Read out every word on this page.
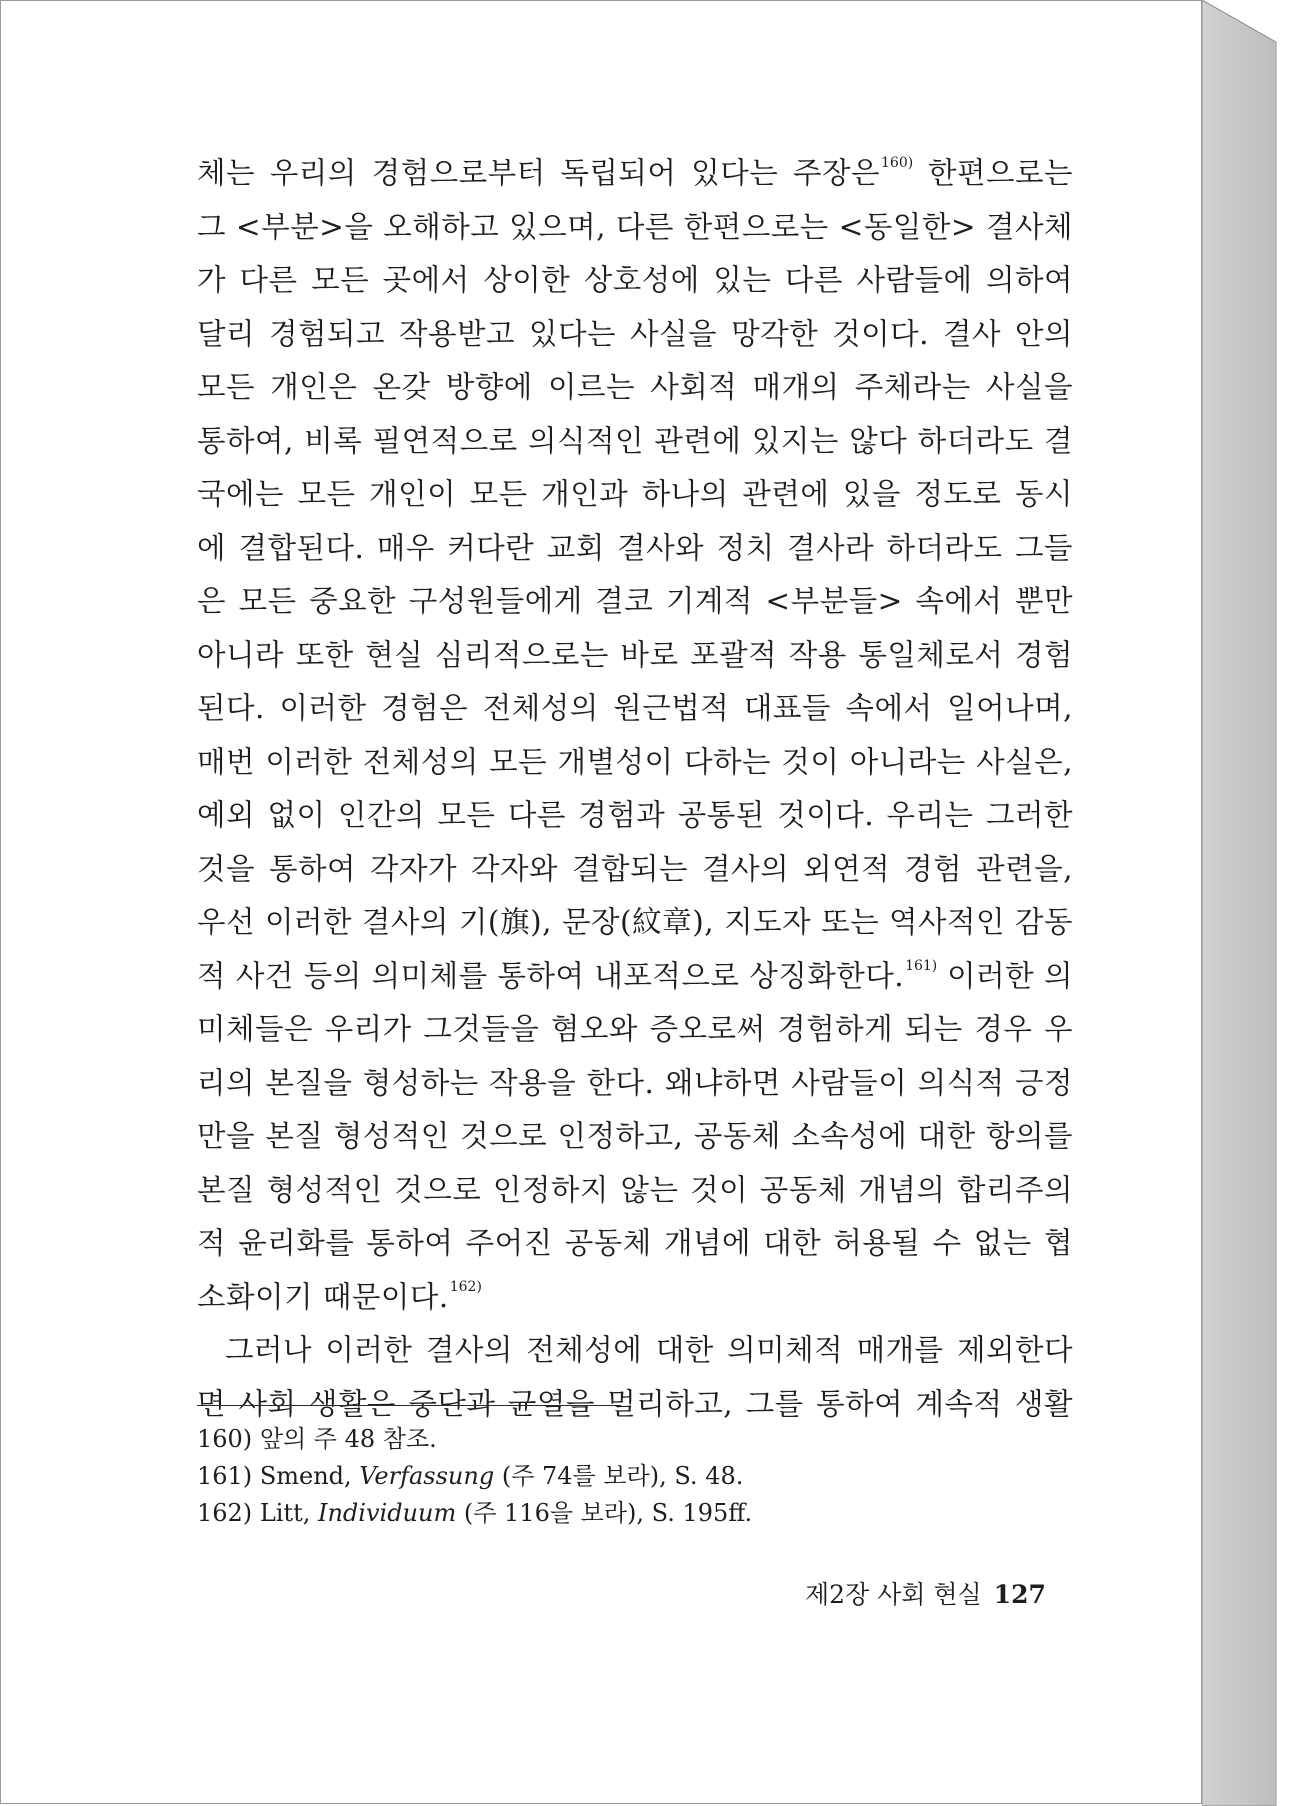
체는 우리의 경험으로부터 독립되어 있다는 주장은$^{160)}$ 한편으로는
그 <부분>을 오해하고 있으며, 다른 한편으로는 <동일한> 결사체
가 다른 모든 곳에서 상이한 상호성에 있는 다른 사람들에 의하여
달리 경험되고 작용받고 있다는 사실을 망각한 것이다. 결사 안의
모든 개인은 온갖 방향에 이르는 사회적 매개의 주체라는 사실을
통하여, 비록 필연적으로 의식적인 관련에 있지는 않다 하더라도 결
국에는 모든 개인이 모든 개인과 하나의 관련에 있을 정도로 동시
에 결합된다. 매우 커다란 교회 결사와 정치 결사라 하더라도 그들
은 모든 중요한 구성원들에게 결코 기계적 <부분들> 속에서 뿐만
아니라 또한 현실 심리적으로는 바로 포괄적 작용 통일체로서 경험
된다. 이러한 경험은 전체성의 원근법적 대표들 속에서 일어나며,
매번 이러한 전체성의 모든 개별성이 다하는 것이 아니라는 사실은,
예외 없이 인간의 모든 다른 경험과 공통된 것이다. 우리는 그러한
것을 통하여 각자가 각자와 결합되는 결사의 외연적 경험 관련을,
우선 이러한 결사의 기(旗), 문장(紋章), 지도자 또는 역사적인 감동
적 사건 등의 의미체를 통하여 내포적으로 상징화한다.$^{161)}$ 이러한 의
미체들은 우리가 그것들을 혐오와 증오로써 경험하게 되는 경우 우
리의 본질을 형성하는 작용을 한다. 왜냐하면 사람들이 의식적 긍정
만을 본질 형성적인 것으로 인정하고, 공동체 소속성에 대한 항의를
본질 형성적인 것으로 인정하지 않는 것이 공동체 개념의 합리주의
적 윤리화를 통하여 주어진 공동체 개념에 대한 허용될 수 없는 협
소화이기 때문이다.$^{162)}$
그러나 이러한 결사의 전체성에 대한 의미체적 매개를 제외한다
면 사회 생활은 중단과 균열을 멀리하고, 그를 통하여 계속적 생활
160) 앞의 주 48 참조.
161) Smend, Verfassung (주 74를 보라), S. 48.
162) Litt, Individuum (주 116을 보라), S. 195ff.
제2장 사회 현실 127
